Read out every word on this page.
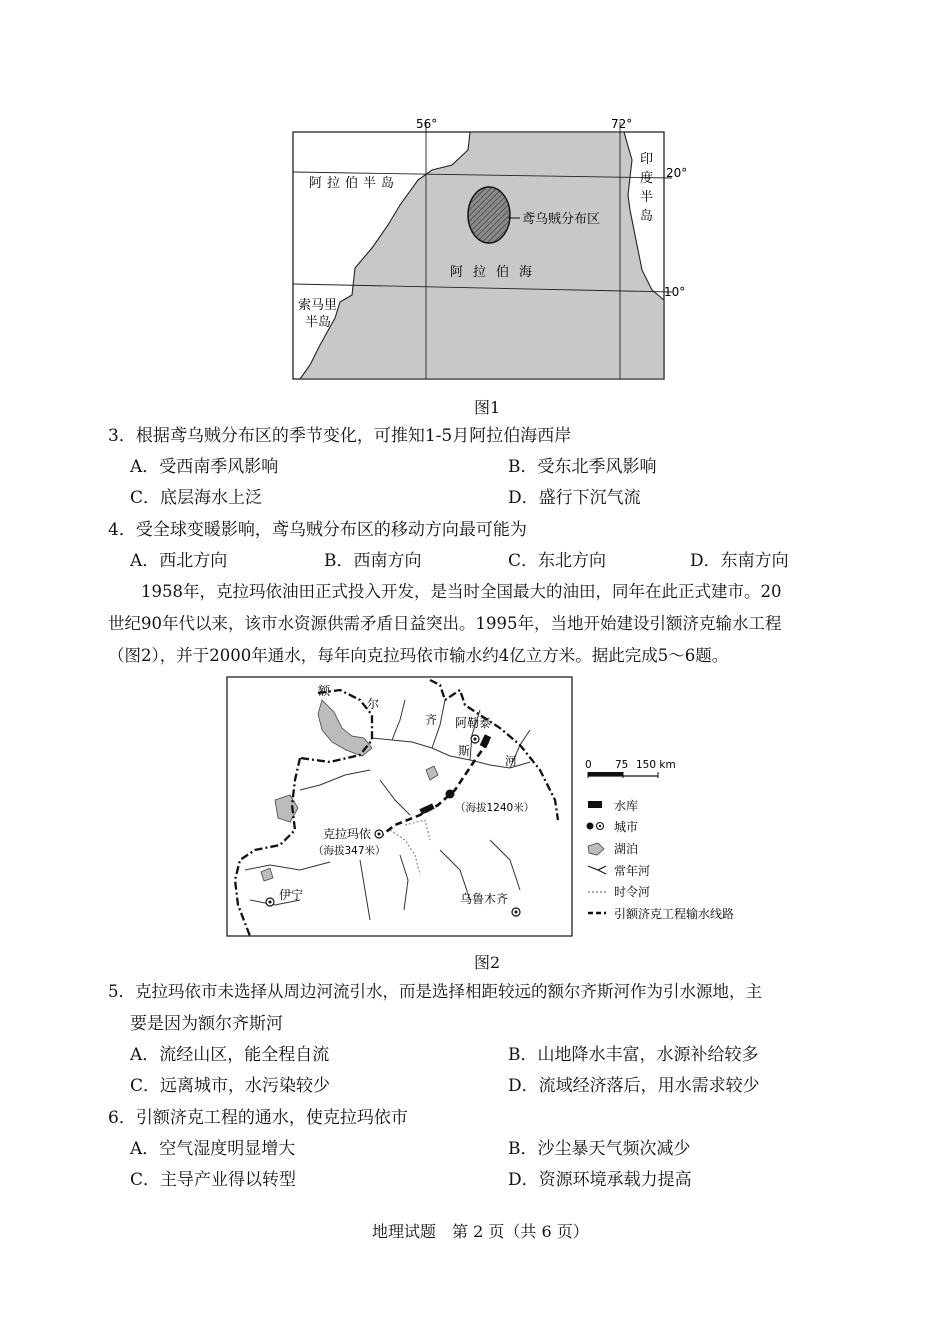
鸢乌贼分布区
56°	72°
20°
10°
阿拉伯半岛
印
度
半
岛
阿拉伯海
索马里
半岛
图1
3．根据鸢乌贼分布区的季节变化，可推知1-5月阿拉伯海西岸
A．受西南季风影响	B．受东北季风影响
C．底层海水上泛	D．盛行下沉气流
4．受全球变暖影响，鸢乌贼分布区的移动方向最可能为
A．西北方向	B．西南方向	C．东北方向	D．东南方向
1958年，克拉玛依油田正式投入开发，是当时全国最大的油田，同年在此正式建市。20
世纪90年代以来，该市水资源供需矛盾日益突出。1995年，当地开始建设引额济克输水工程
（图2），并于2000年通水，每年向克拉玛依市输水约4亿立方米。据此完成5～6题。
额
尔
齐
斯
河
阿勒泰
（海拔1240米）
克拉玛依
（海拔347米）
伊宁	乌鲁木齐
0 75 150 km
水库
城市
湖泊
常年河
时令河
引额济克工程输水线路
图2
5．克拉玛依市未选择从周边河流引水，而是选择相距较远的额尔齐斯河作为引水源地，主
要是因为额尔齐斯河
A．流经山区，能全程自流	B．山地降水丰富，水源补给较多
C．远离城市，水污染较少	D．流域经济落后，用水需求较少
6．引额济克工程的通水，使克拉玛依市
A．空气湿度明显增大	B．沙尘暴天气频次减少
C．主导产业得以转型	D．资源环境承载力提高
地理试题　第 2 页（共 6 页）
